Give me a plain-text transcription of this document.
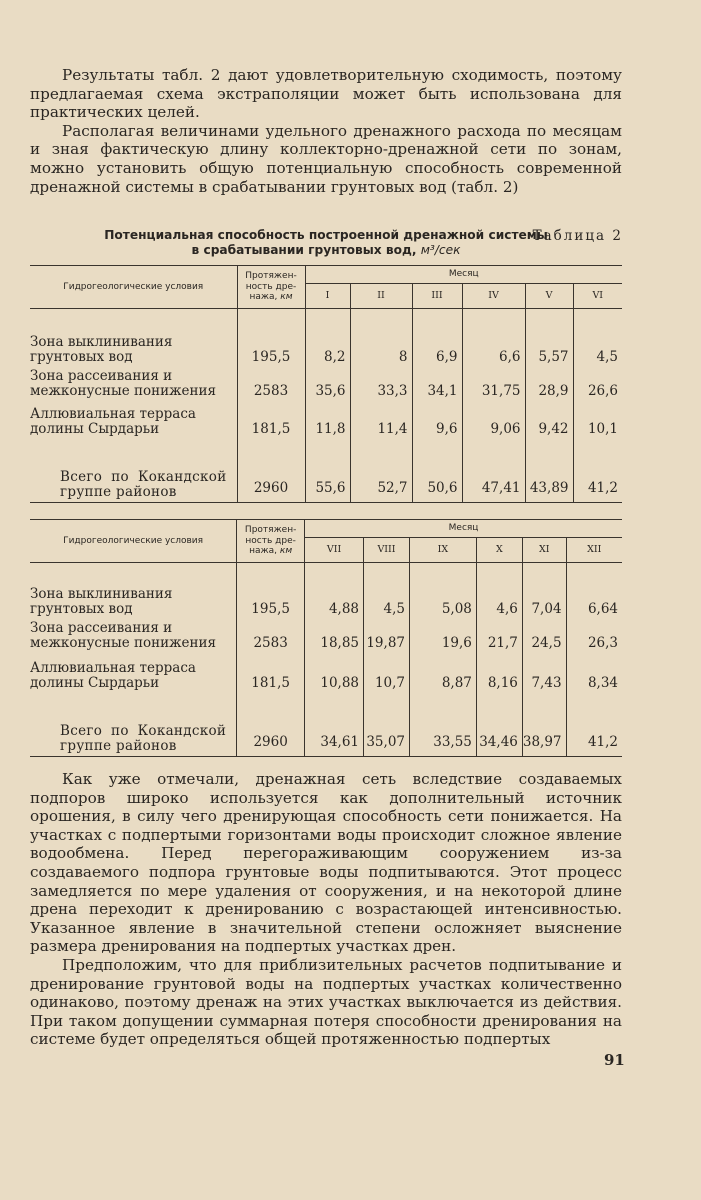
Результаты табл. 2 дают удовлетворительную сходимость, поэтому предлагаемая схема экстраполяции может быть использована для практических целей.

Располагая величинами удельного дренажного расхода по месяцам и зная фактическую длину коллекторно-дренажной сети по зонам, можно установить общую потенциальную способность современной дренажной системы в срабатывании грунтовых вод (табл. 2)

Таблица 2
Потенциальная способность построенной дренажной системы
в срабатывании грунтовых вод, м³/сек
Гидрогеологические условия	Протяжен-ность дре-нажа, км	Месяц					
		I	II	III	IV	V	VI
Зона выклинивания грунтовых вод	195,5	8,2	8	6,9	6,6	5,57	4,5
Зона рассеивания и межконусные понижения	2583	35,6	33,3	34,1	31,75	28,9	26,6
Аллювиальная терраса долины Сырдарьи	181,5	11,8	11,4	9,6	9,06	9,42	10,1
Всего по Кокандской группе районов	2960	55,6	52,7	50,6	47,41	43,89	41,2
Гидрогеологические условия	Протяжен-ность дре-нажа, км	Месяц					
		VII	VIII	IX	X	XI	XII
Зона выклинивания грунтовых вод	195,5	4,88	4,5	5,08	4,6	7,04	6,64
Зона рассеивания и межконусные понижения	2583	18,85	19,87	19,6	21,7	24,5	26,3
Аллювиальная терраса долины Сырдарьи	181,5	10,88	10,7	8,87	8,16	7,43	8,34
Всего по Кокандской группе районов	2960	34,61	35,07	33,55	34,46	38,97	41,2

Как уже отмечали, дренажная сеть вследствие создаваемых подпоров широко используется как дополнительный источник орошения, в силу чего дренирующая способность сети понижается. На участках с подпертыми горизонтами воды происходит сложное явление водообмена. Перед перегораживающим сооружением из-за создаваемого подпора грунтовые воды подпитываются. Этот процесс замедляется по мере удаления от сооружения, и на некоторой длине дрена переходит к дренированию с возрастающей интенсивностью. Указанное явление в значительной степени осложняет выяснение размера дренирования на подпертых участках дрен.

Предположим, что для приблизительных расчетов подпитывание и дренирование грунтовой воды на подпертых участках количественно одинаково, поэтому дренаж на этих участках выключается из действия. При таком допущении суммарная потеря способности дренирования на системе будет определяться общей протяженностью подпертых

91
